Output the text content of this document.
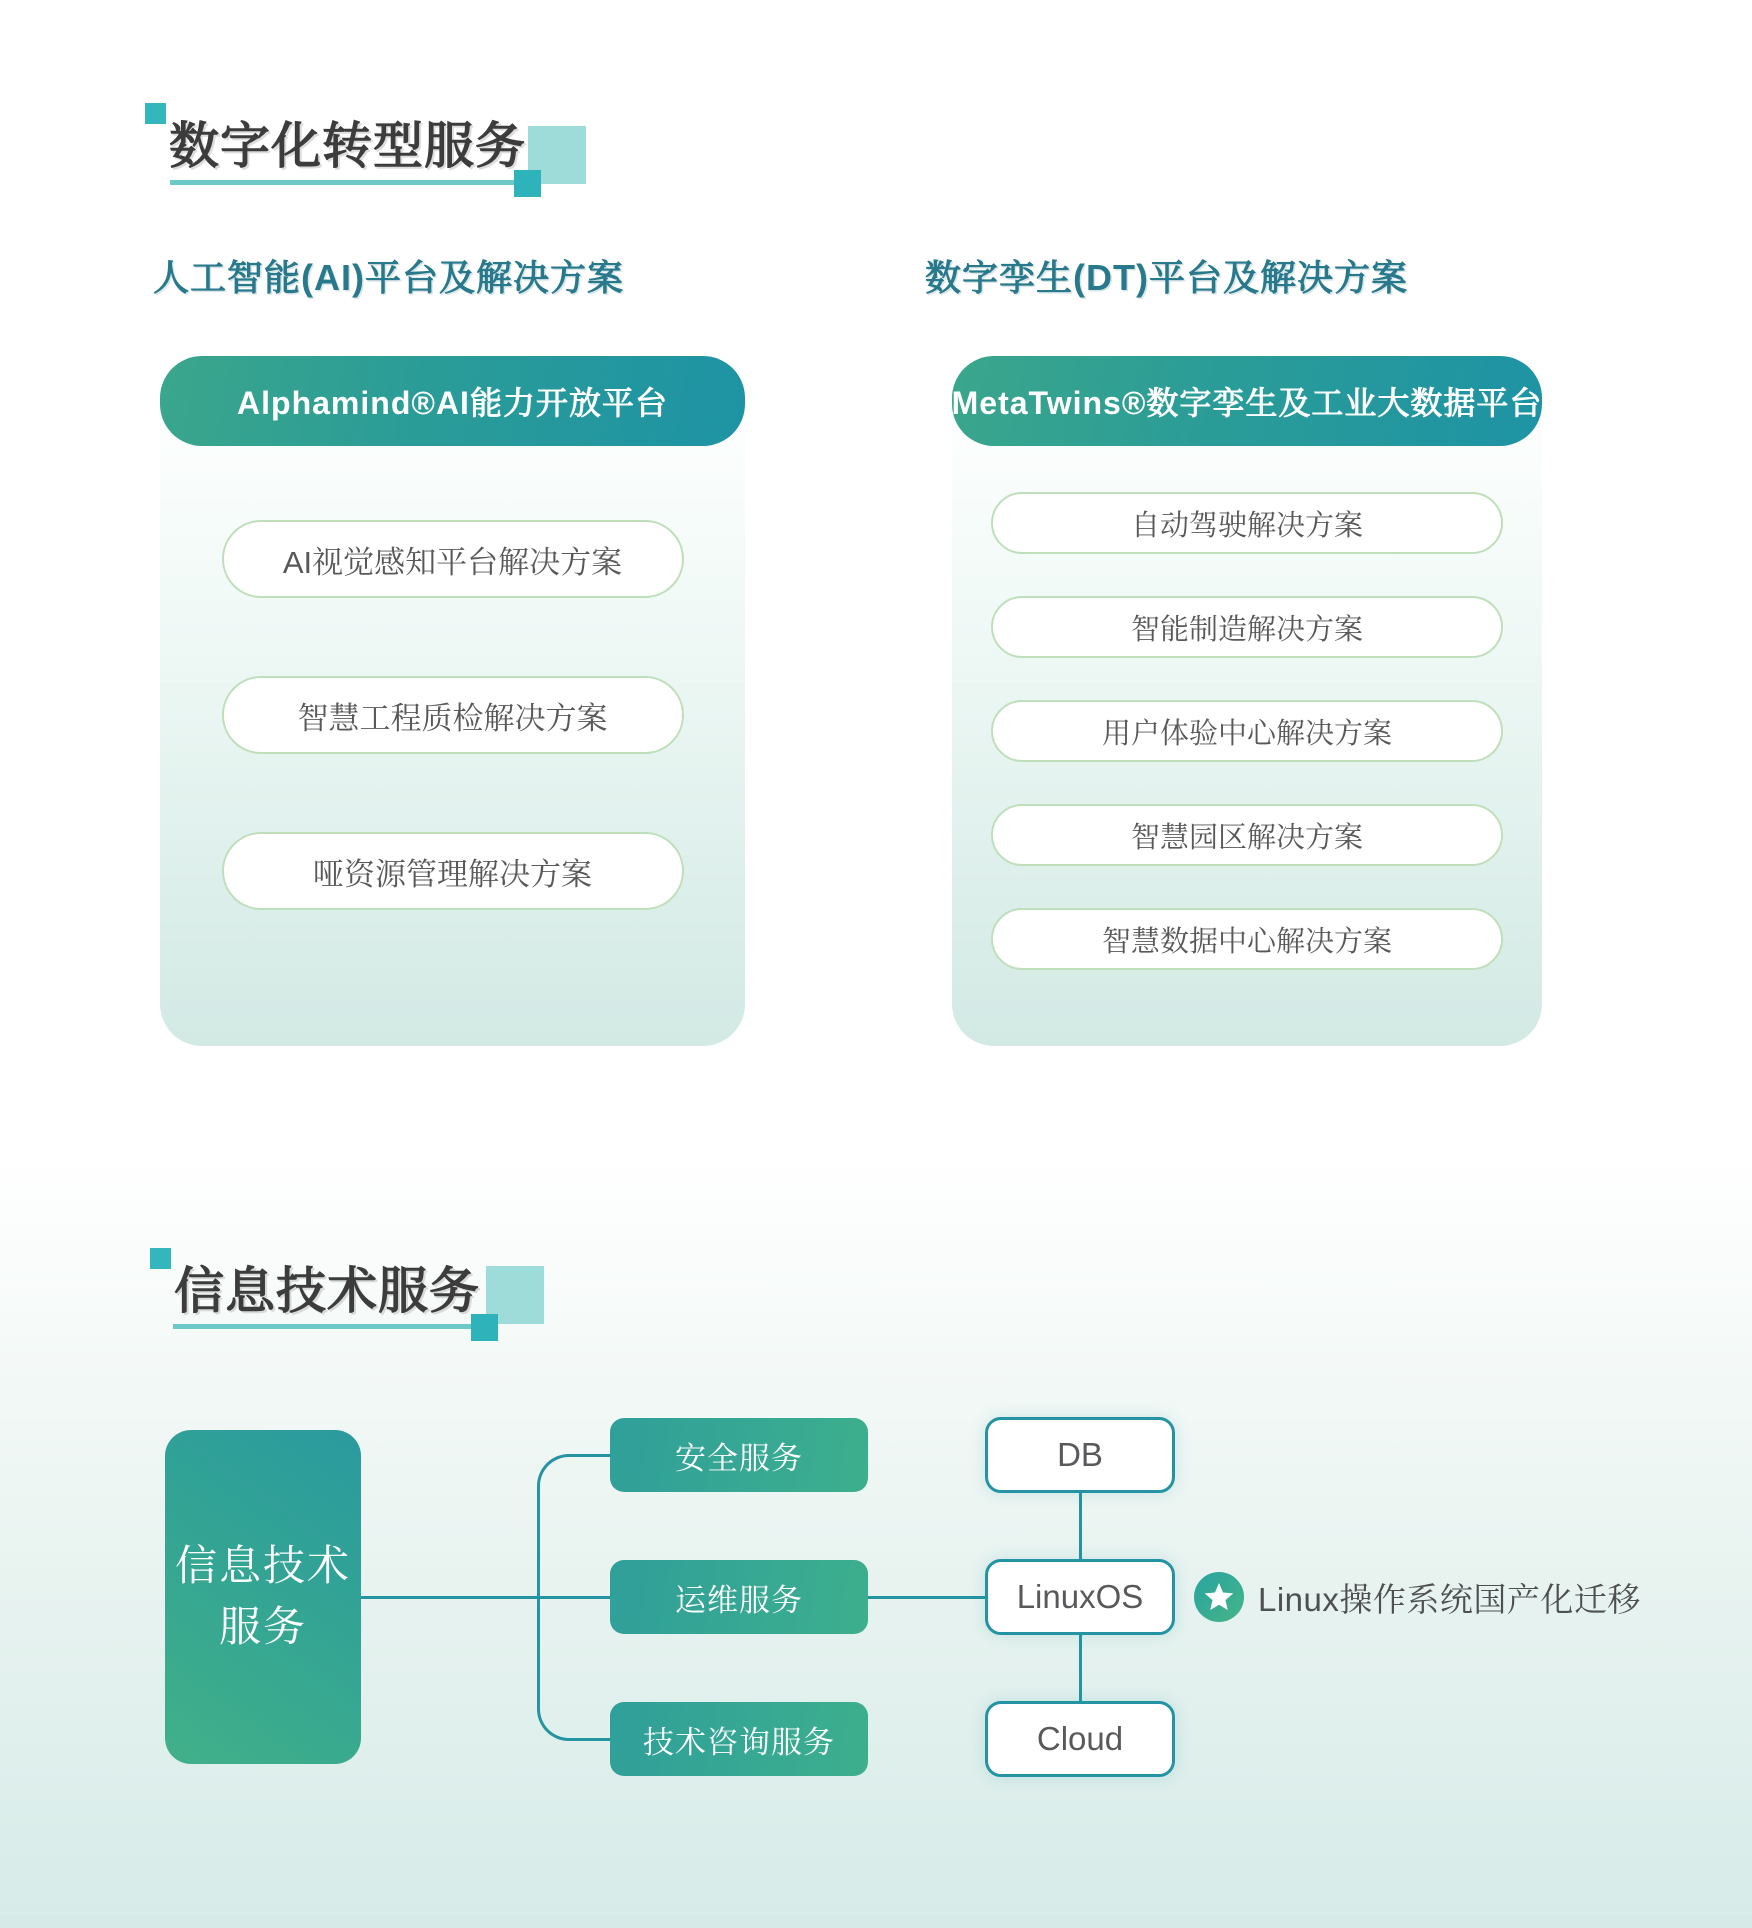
数字化转型服务
人工智能(AI)平台及解决方案	数字孪生(DT)平台及解决方案
Alphamind®AI能力开放平台
AI视觉感知平台解决方案
智慧工程质检解决方案
哑资源管理解决方案
MetaTwins®数字孪生及工业大数据平台
自动驾驶解决方案
智能制造解决方案
用户体验中心解决方案
智慧园区解决方案
智慧数据中心解决方案
信息技术服务
信息技术
服务
安全服务
运维服务
技术咨询服务
DB
LinuxOS
Cloud
Linux操作系统国产化迁移
